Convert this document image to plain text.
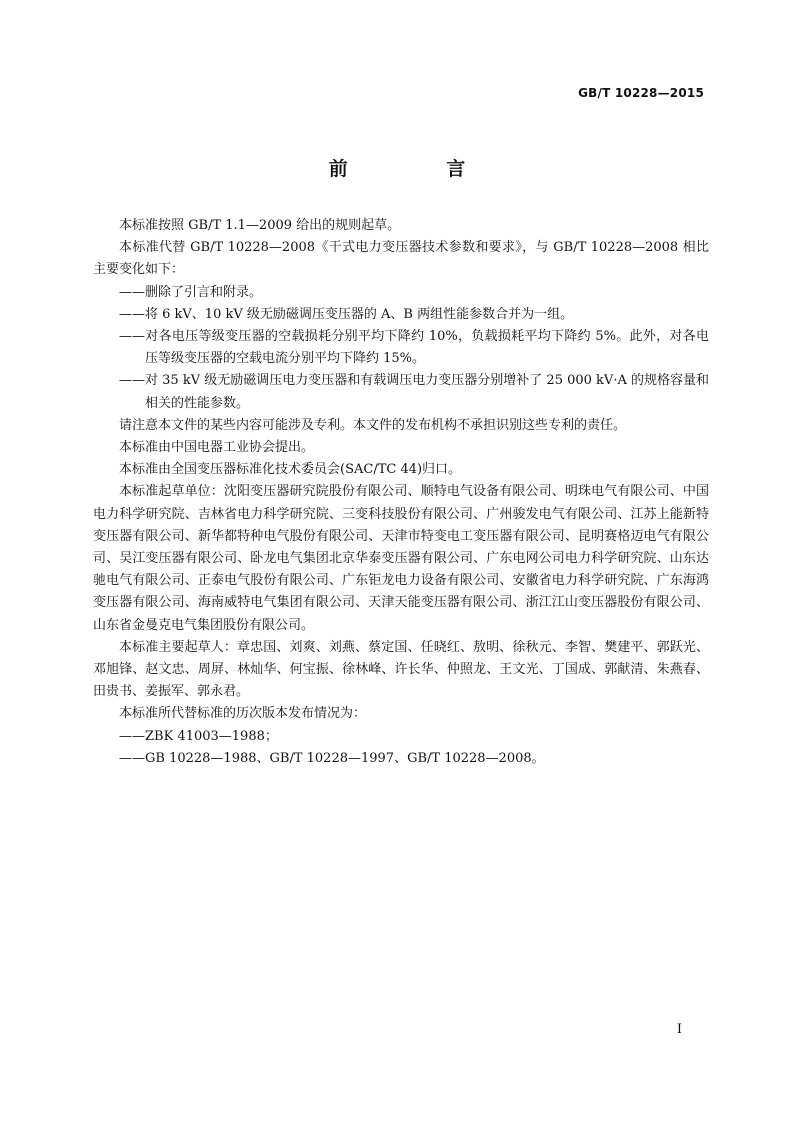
GB/T 10228—2015
前 言

本标准按照 GB/T 1.1—2009 给出的规则起草。

本标准代替 GB/T 10228—2008《干式电力变压器技术参数和要求》，与 GB/T 10228—2008 相比主要变化如下：

——删除了引言和附录。

——将 6 kV、10 kV 级无励磁调压变压器的 A、B 两组性能参数合并为一组。

——对各电压等级变压器的空载损耗分别平均下降约 10%，负载损耗平均下降约 5%。此外，对各电压等级变压器的空载电流分别平均下降约 15%。

——对 35 kV 级无励磁调压电力变压器和有载调压电力变压器分别增补了 25 000 kV·A 的规格容量和相关的性能参数。

请注意本文件的某些内容可能涉及专利。本文件的发布机构不承担识别这些专利的责任。

本标准由中国电器工业协会提出。

本标准由全国变压器标准化技术委员会(SAC/TC 44)归口。

本标准起草单位：沈阳变压器研究院股份有限公司、顺特电气设备有限公司、明珠电气有限公司、中国电力科学研究院、吉林省电力科学研究院、三变科技股份有限公司、广州骏发电气有限公司、江苏上能新特变压器有限公司、新华都特种电气股份有限公司、天津市特变电工变压器有限公司、昆明赛格迈电气有限公司、吴江变压器有限公司、卧龙电气集团北京华泰变压器有限公司、广东电网公司电力科学研究院、山东达驰电气有限公司、正泰电气股份有限公司、广东钜龙电力设备有限公司、安徽省电力科学研究院、广东海鸿变压器有限公司、海南威特电气集团有限公司、天津天能变压器有限公司、浙江江山变压器股份有限公司、山东省金曼克电气集团股份有限公司。

本标准主要起草人：章忠国、刘爽、刘燕、蔡定国、任晓红、敖明、徐秋元、李智、樊建平、郭跃光、邓旭锋、赵文忠、周屏、林灿华、何宝振、徐林峰、许长华、仲照龙、王文光、丁国成、郭献清、朱燕春、田贵书、姜振军、郭永君。

本标准所代替标准的历次版本发布情况为：

——ZBK 41003—1988；

——GB 10228—1988、GB/T 10228—1997、GB/T 10228—2008。

I
